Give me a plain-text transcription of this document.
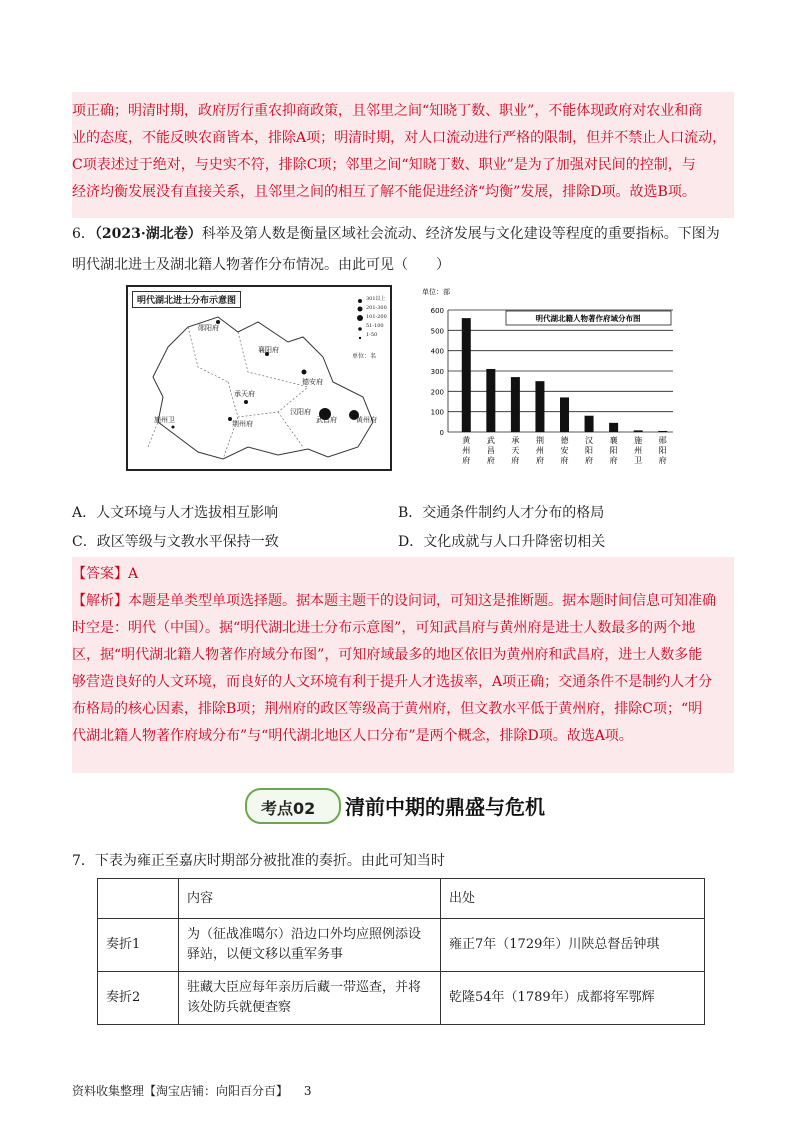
项正确；明清时期，政府厉行重农抑商政策，且邻里之间“知晓丁数、职业”，不能体现政府对农业和商
业的态度，不能反映农商皆本，排除A项；明清时期，对人口流动进行严格的限制，但并不禁止人口流动，
C项表述过于绝对，与史实不符，排除C项；邻里之间“知晓丁数、职业”是为了加强对民间的控制，与
经济均衡发展没有直接关系，且邻里之间的相互了解不能促进经济“均衡”发展，排除D项。故选B项。
6．（2023·湖北卷）科举及第人数是衡量区域社会流动、经济发展与文化建设等程度的重要指标。下图为
明代湖北进士及湖北籍人物著作分布情况。由此可见（　　）
明代湖北进士分布示意图	301以上
201-300
101-200
51-100
1-50
单位：名
郧阳府
襄阳府
德安府
承天府
汉阳府
武昌府	黄州府
荆州府
施州卫
单位：部
600
500
400
300
200
100
0
明代湖北籍人物著作府域分布图
黄
州
府
武
昌
府
承
天
府
荆
州
府
德
安
府
汉
阳
府
襄
阳
府
施
州
卫
郧
阳
府
A．人文环境与人才选拔相互影响	B．交通条件制约人才分布的格局
C．政区等级与文教水平保持一致	D．文化成就与人口升降密切相关
【答案】A
【解析】本题是单类型单项选择题。据本题主题干的设问词，可知这是推断题。据本题时间信息可知准确
时空是：明代（中国）。据“明代湖北进士分布示意图”，可知武昌府与黄州府是进士人数最多的两个地
区，据“明代湖北籍人物著作府域分布图”，可知府域最多的地区依旧为黄州府和武昌府，进士人数多能
够营造良好的人文环境，而良好的人文环境有利于提升人才选拔率，A项正确；交通条件不是制约人才分
布格局的核心因素，排除B项；荆州府的政区等级高于黄州府，但文教水平低于黄州府，排除C项；“明
代湖北籍人物著作府域分布”与“明代湖北地区人口分布”是两个概念，排除D项。故选A项。
考点02 清前中期的鼎盛与危机
7．下表为雍正至嘉庆时期部分被批准的奏折。由此可知当时
	内容	出处
奏折1	为（征战准噶尔）沿边口外均应照例添设驿站，以便文移以重军务事	雍正7年（1729年）川陕总督岳钟琪
奏折2	驻藏大臣应每年亲历后藏一带巡查，并将该处防兵就便查察	乾隆54年（1789年）成都将军鄂辉
资料收集整理【淘宝店铺：向阳百分百】 3
